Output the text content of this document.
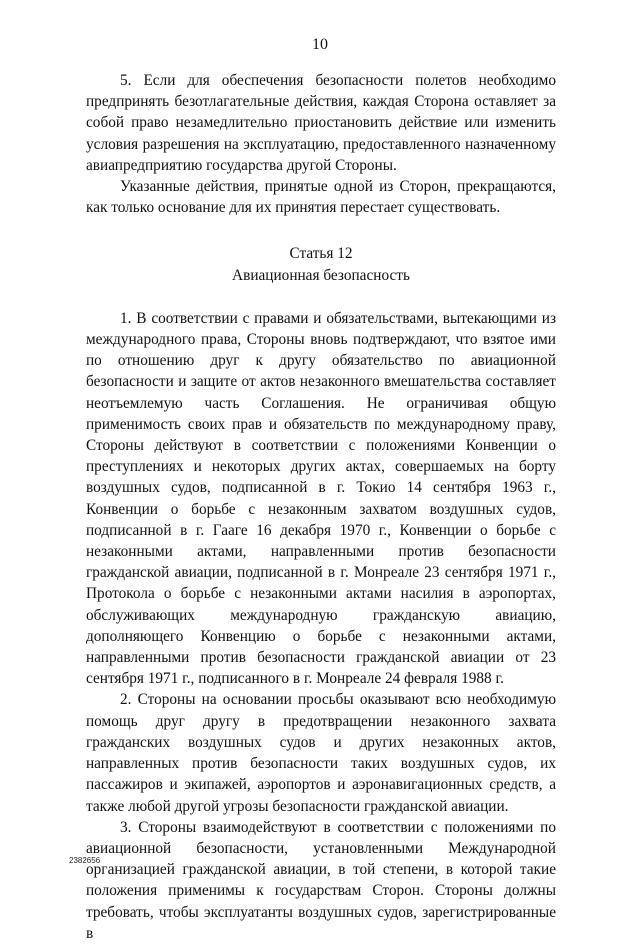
10

5. Если для обеспечения безопасности полетов необходимо предпринять безотлагательные действия, каждая Сторона оставляет за собой право незамедлительно приостановить действие или изменить условия разрешения на эксплуатацию, предоставленного назначенному авиапредприятию государства другой Стороны.

Указанные действия, принятые одной из Сторон, прекращаются, как только основание для их принятия перестает существовать.

Статья 12
Авиационная безопасность

1. В соответствии с правами и обязательствами, вытекающими из международного права, Стороны вновь подтверждают, что взятое ими по отношению друг к другу обязательство по авиационной безопасности и защите от актов незаконного вмешательства составляет неотъемлемую часть Соглашения. Не ограничивая общую применимость своих прав и обязательств по международному праву, Стороны действуют в соответствии с положениями Конвенции о преступлениях и некоторых других актах, совершаемых на борту воздушных судов, подписанной в г. Токио 14 сентября 1963 г., Конвенции о борьбе с незаконным захватом воздушных судов, подписанной в г. Гааге 16 декабря 1970 г., Конвенции о борьбе с незаконными актами, направленными против безопасности гражданской авиации, подписанной в г. Монреале 23 сентября 1971 г., Протокола о борьбе с незаконными актами насилия в аэропортах, обслуживающих международную гражданскую авиацию, дополняющего Конвенцию о борьбе с незаконными актами, направленными против безопасности гражданской авиации от 23 сентября 1971 г., подписанного в г. Монреале 24 февраля 1988 г.

2. Стороны на основании просьбы оказывают всю необходимую помощь друг другу в предотвращении незаконного захвата гражданских воздушных судов и других незаконных актов, направленных против безопасности таких воздушных судов, их пассажиров и экипажей, аэропортов и аэронавигационных средств, а также любой другой угрозы безопасности гражданской авиации.

3. Стороны взаимодействуют в соответствии с положениями по авиационной безопасности, установленными Международной организацией гражданской авиации, в той степени, в которой такие положения применимы к государствам Сторон. Стороны должны требовать, чтобы эксплуатанты воздушных судов, зарегистрированные в

2382656
